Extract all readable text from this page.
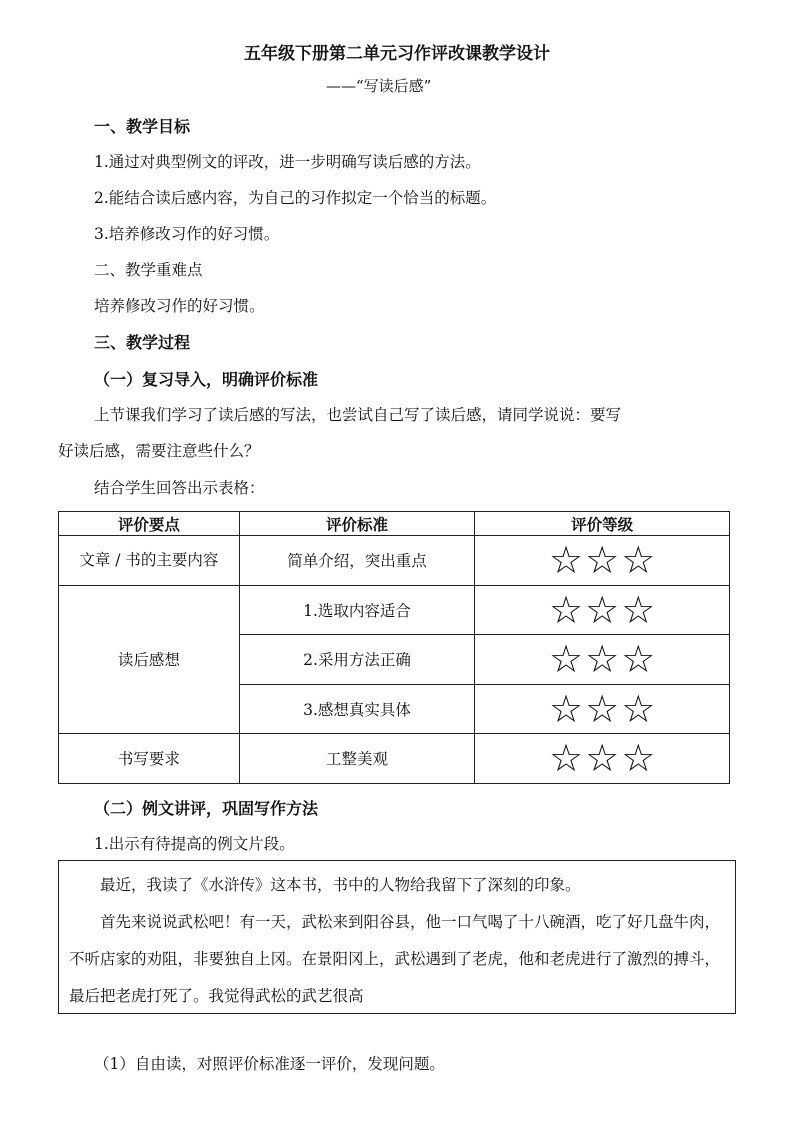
五年级下册第二单元习作评改课教学设计
——“写读后感”
一、教学目标
1.通过对典型例文的评改，进一步明确写读后感的方法。
2.能结合读后感内容，为自己的习作拟定一个恰当的标题。
3.培养修改习作的好习惯。
二、教学重难点
培养修改习作的好习惯。
三、教学过程
（一）复习导入，明确评价标准
上节课我们学习了读后感的写法，也尝试自己写了读后感，请同学说说：要写
好读后感，需要注意些什么？
结合学生回答出示表格：
评价要点	评价标准	评价等级
文章 / 书的主要内容	简单介绍，突出重点	☆ ☆ ☆

读后感想	1.选取内容适合	☆ ☆ ☆

	2.采用方法正确	☆ ☆ ☆

	3.感想真实具体	☆ ☆ ☆

书写要求	工整美观	☆ ☆ ☆
（二）例文讲评，巩固写作方法
1.出示有待提高的例文片段。

最近，我读了《水浒传》这本书，书中的人物给我留下了深刻的印象。

首先来说说武松吧！有一天，武松来到阳谷县，他一口气喝了十八碗酒，吃了好几盘牛肉，不听店家的劝阻，非要独自上冈。在景阳冈上，武松遇到了老虎，他和老虎进行了激烈的搏斗，最后把老虎打死了。我觉得武松的武艺很高

（1）自由读，对照评价标准逐一评价，发现问题。
